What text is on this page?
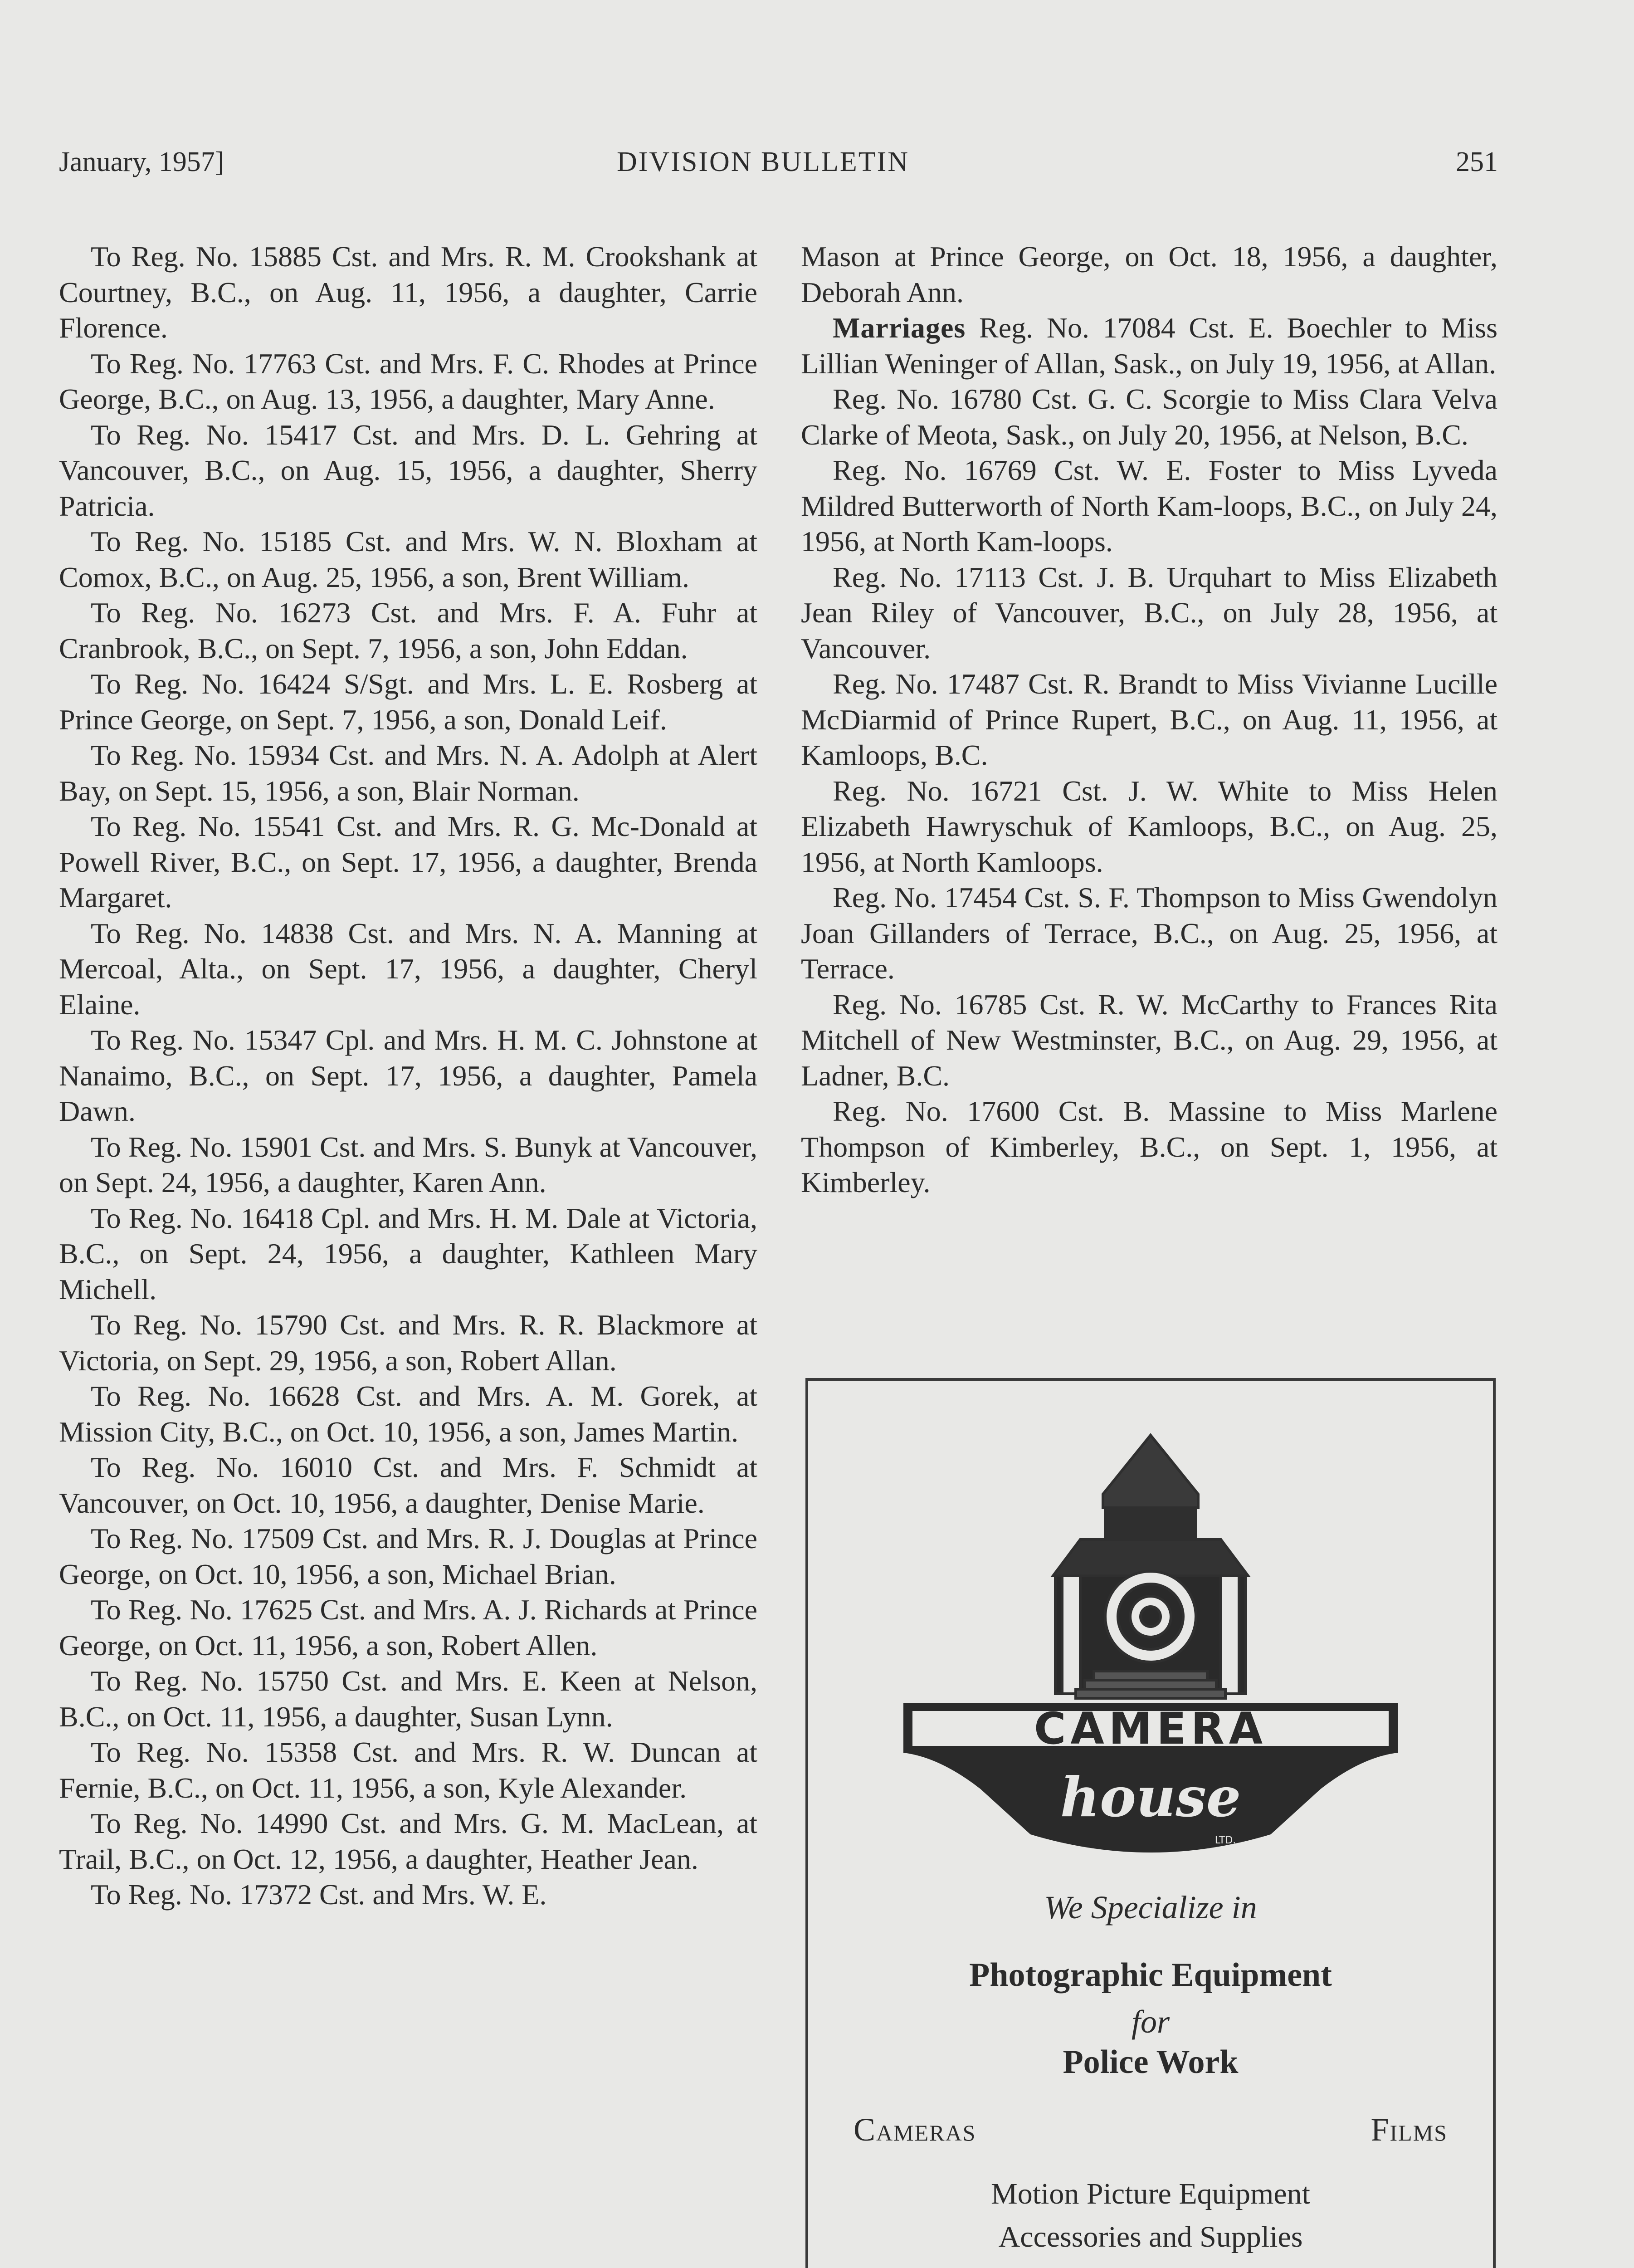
January, 1957]	DIVISION BULLETIN	251

To Reg. No. 15885 Cst. and Mrs. R. M. Crookshank at Courtney, B.C., on Aug. 11, 1956, a daughter, Carrie Florence.

To Reg. No. 17763 Cst. and Mrs. F. C. Rhodes at Prince George, B.C., on Aug. 13, 1956, a daughter, Mary Anne.

To Reg. No. 15417 Cst. and Mrs. D. L. Gehring at Vancouver, B.C., on Aug. 15, 1956, a daughter, Sherry Patricia.

To Reg. No. 15185 Cst. and Mrs. W. N. Bloxham at Comox, B.C., on Aug. 25, 1956, a son, Brent William.

To Reg. No. 16273 Cst. and Mrs. F. A. Fuhr at Cranbrook, B.C., on Sept. 7, 1956, a son, John Eddan.

To Reg. No. 16424 S/Sgt. and Mrs. L. E. Rosberg at Prince George, on Sept. 7, 1956, a son, Donald Leif.

To Reg. No. 15934 Cst. and Mrs. N. A. Adolph at Alert Bay, on Sept. 15, 1956, a son, Blair Norman.

To Reg. No. 15541 Cst. and Mrs. R. G. Mc-Donald at Powell River, B.C., on Sept. 17, 1956, a daughter, Brenda Margaret.

To Reg. No. 14838 Cst. and Mrs. N. A. Manning at Mercoal, Alta., on Sept. 17, 1956, a daughter, Cheryl Elaine.

To Reg. No. 15347 Cpl. and Mrs. H. M. C. Johnstone at Nanaimo, B.C., on Sept. 17, 1956, a daughter, Pamela Dawn.

To Reg. No. 15901 Cst. and Mrs. S. Bunyk at Vancouver, on Sept. 24, 1956, a daughter, Karen Ann.

To Reg. No. 16418 Cpl. and Mrs. H. M. Dale at Victoria, B.C., on Sept. 24, 1956, a daughter, Kathleen Mary Michell.

To Reg. No. 15790 Cst. and Mrs. R. R. Blackmore at Victoria, on Sept. 29, 1956, a son, Robert Allan.

To Reg. No. 16628 Cst. and Mrs. A. M. Gorek, at Mission City, B.C., on Oct. 10, 1956, a son, James Martin.

To Reg. No. 16010 Cst. and Mrs. F. Schmidt at Vancouver, on Oct. 10, 1956, a daughter, Denise Marie.

To Reg. No. 17509 Cst. and Mrs. R. J. Douglas at Prince George, on Oct. 10, 1956, a son, Michael Brian.

To Reg. No. 17625 Cst. and Mrs. A. J. Richards at Prince George, on Oct. 11, 1956, a son, Robert Allen.

To Reg. No. 15750 Cst. and Mrs. E. Keen at Nelson, B.C., on Oct. 11, 1956, a daughter, Susan Lynn.

To Reg. No. 15358 Cst. and Mrs. R. W. Duncan at Fernie, B.C., on Oct. 11, 1956, a son, Kyle Alexander.

To Reg. No. 14990 Cst. and Mrs. G. M. MacLean, at Trail, B.C., on Oct. 12, 1956, a daughter, Heather Jean.

To Reg. No. 17372 Cst. and Mrs. W. E.

Mason at Prince George, on Oct. 18, 1956, a daughter, Deborah Ann.

Marriages Reg. No. 17084 Cst. E. Boechler to Miss Lillian Weninger of Allan, Sask., on July 19, 1956, at Allan.

Reg. No. 16780 Cst. G. C. Scorgie to Miss Clara Velva Clarke of Meota, Sask., on July 20, 1956, at Nelson, B.C.

Reg. No. 16769 Cst. W. E. Foster to Miss Lyveda Mildred Butterworth of North Kam-loops, B.C., on July 24, 1956, at North Kam-loops.

Reg. No. 17113 Cst. J. B. Urquhart to Miss Elizabeth Jean Riley of Vancouver, B.C., on July 28, 1956, at Vancouver.

Reg. No. 17487 Cst. R. Brandt to Miss Vivianne Lucille McDiarmid of Prince Rupert, B.C., on Aug. 11, 1956, at Kamloops, B.C.

Reg. No. 16721 Cst. J. W. White to Miss Helen Elizabeth Hawryschuk of Kamloops, B.C., on Aug. 25, 1956, at North Kamloops.

Reg. No. 17454 Cst. S. F. Thompson to Miss Gwendolyn Joan Gillanders of Terrace, B.C., on Aug. 25, 1956, at Terrace.

Reg. No. 16785 Cst. R. W. McCarthy to Frances Rita Mitchell of New Westminster, B.C., on Aug. 29, 1956, at Ladner, B.C.

Reg. No. 17600 Cst. B. Massine to Miss Marlene Thompson of Kimberley, B.C., on Sept. 1, 1956, at Kimberley.

CAMERA
house
LTD.
We Specialize in
Photographic Equipment
for
Police Work
Cameras	Films
Motion Picture Equipment
Accessories and Supplies
